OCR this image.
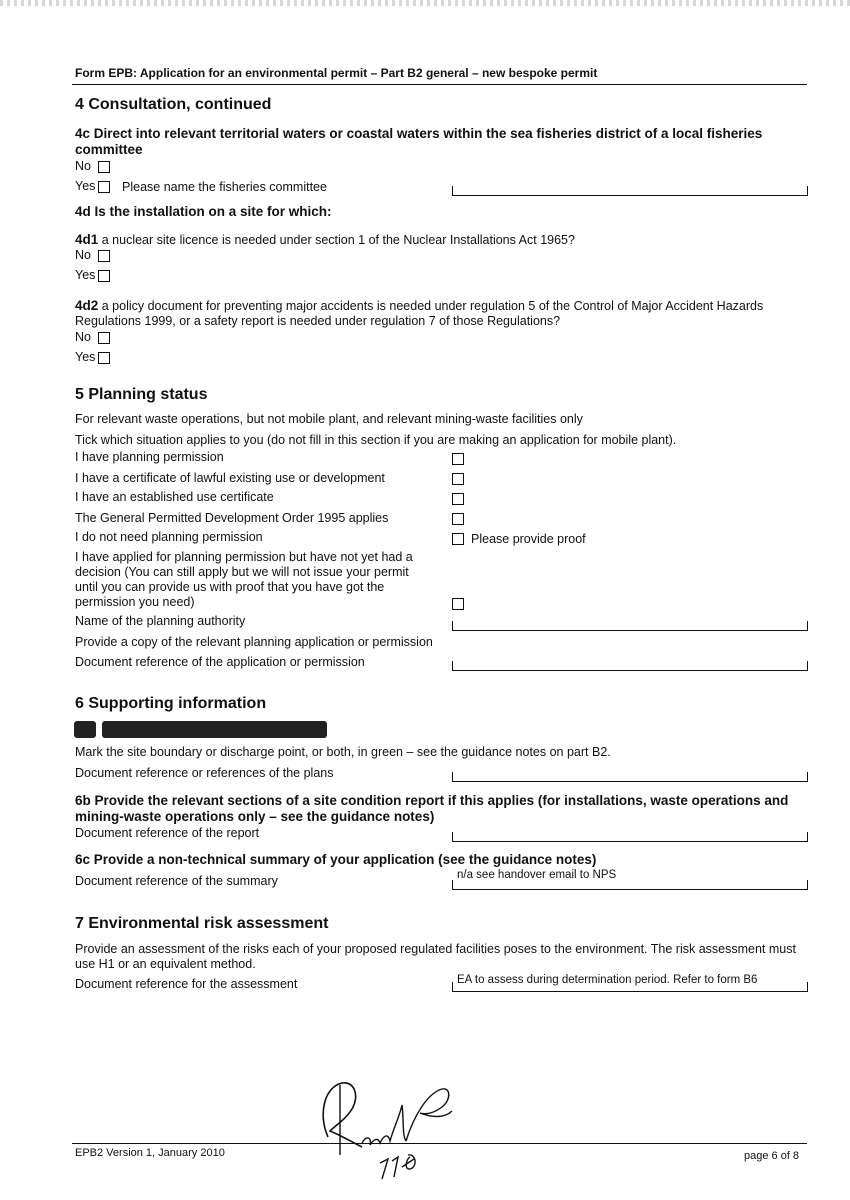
Form EPB: Application for an environmental permit – Part B2 general – new bespoke permit
4 Consultation, continued
4c Direct into relevant territorial waters or coastal waters within the sea fisheries district of a local fisheries committee
No
Yes Please name the fisheries committee
4d Is the installation on a site for which:
4d1 a nuclear site licence is needed under section 1 of the Nuclear Installations Act 1965?
No
Yes
4d2 a policy document for preventing major accidents is needed under regulation 5 of the Control of Major Accident Hazards Regulations 1999, or a safety report is needed under regulation 7 of those Regulations?
No
Yes
5 Planning status
For relevant waste operations, but not mobile plant, and relevant mining-waste facilities only
Tick which situation applies to you (do not fill in this section if you are making an application for mobile plant).
I have planning permission
I have a certificate of lawful existing use or development
I have an established use certificate
The General Permitted Development Order 1995 applies
I do not need planning permission	Please provide proof
I have applied for planning permission but have not yet had a decision (You can still apply but we will not issue your permit until you can provide us with proof that you have got the permission you need)
Name of the planning authority
Provide a copy of the relevant planning application or permission
Document reference of the application or permission
6 Supporting information
Mark the site boundary or discharge point, or both, in green – see the guidance notes on part B2.
Document reference or references of the plans
6b Provide the relevant sections of a site condition report if this applies (for installations, waste operations and mining-waste operations only – see the guidance notes)
Document reference of the report
6c Provide a non-technical summary of your application (see the guidance notes)
Document reference of the summary	n/a see handover email to NPS
7 Environmental risk assessment
Provide an assessment of the risks each of your proposed regulated facilities poses to the environment. The risk assessment must use H1 or an equivalent method.
Document reference for the assessment	EA to assess during determination period. Refer to form B6
EPB2 Version 1, January 2010	page 6 of 8
